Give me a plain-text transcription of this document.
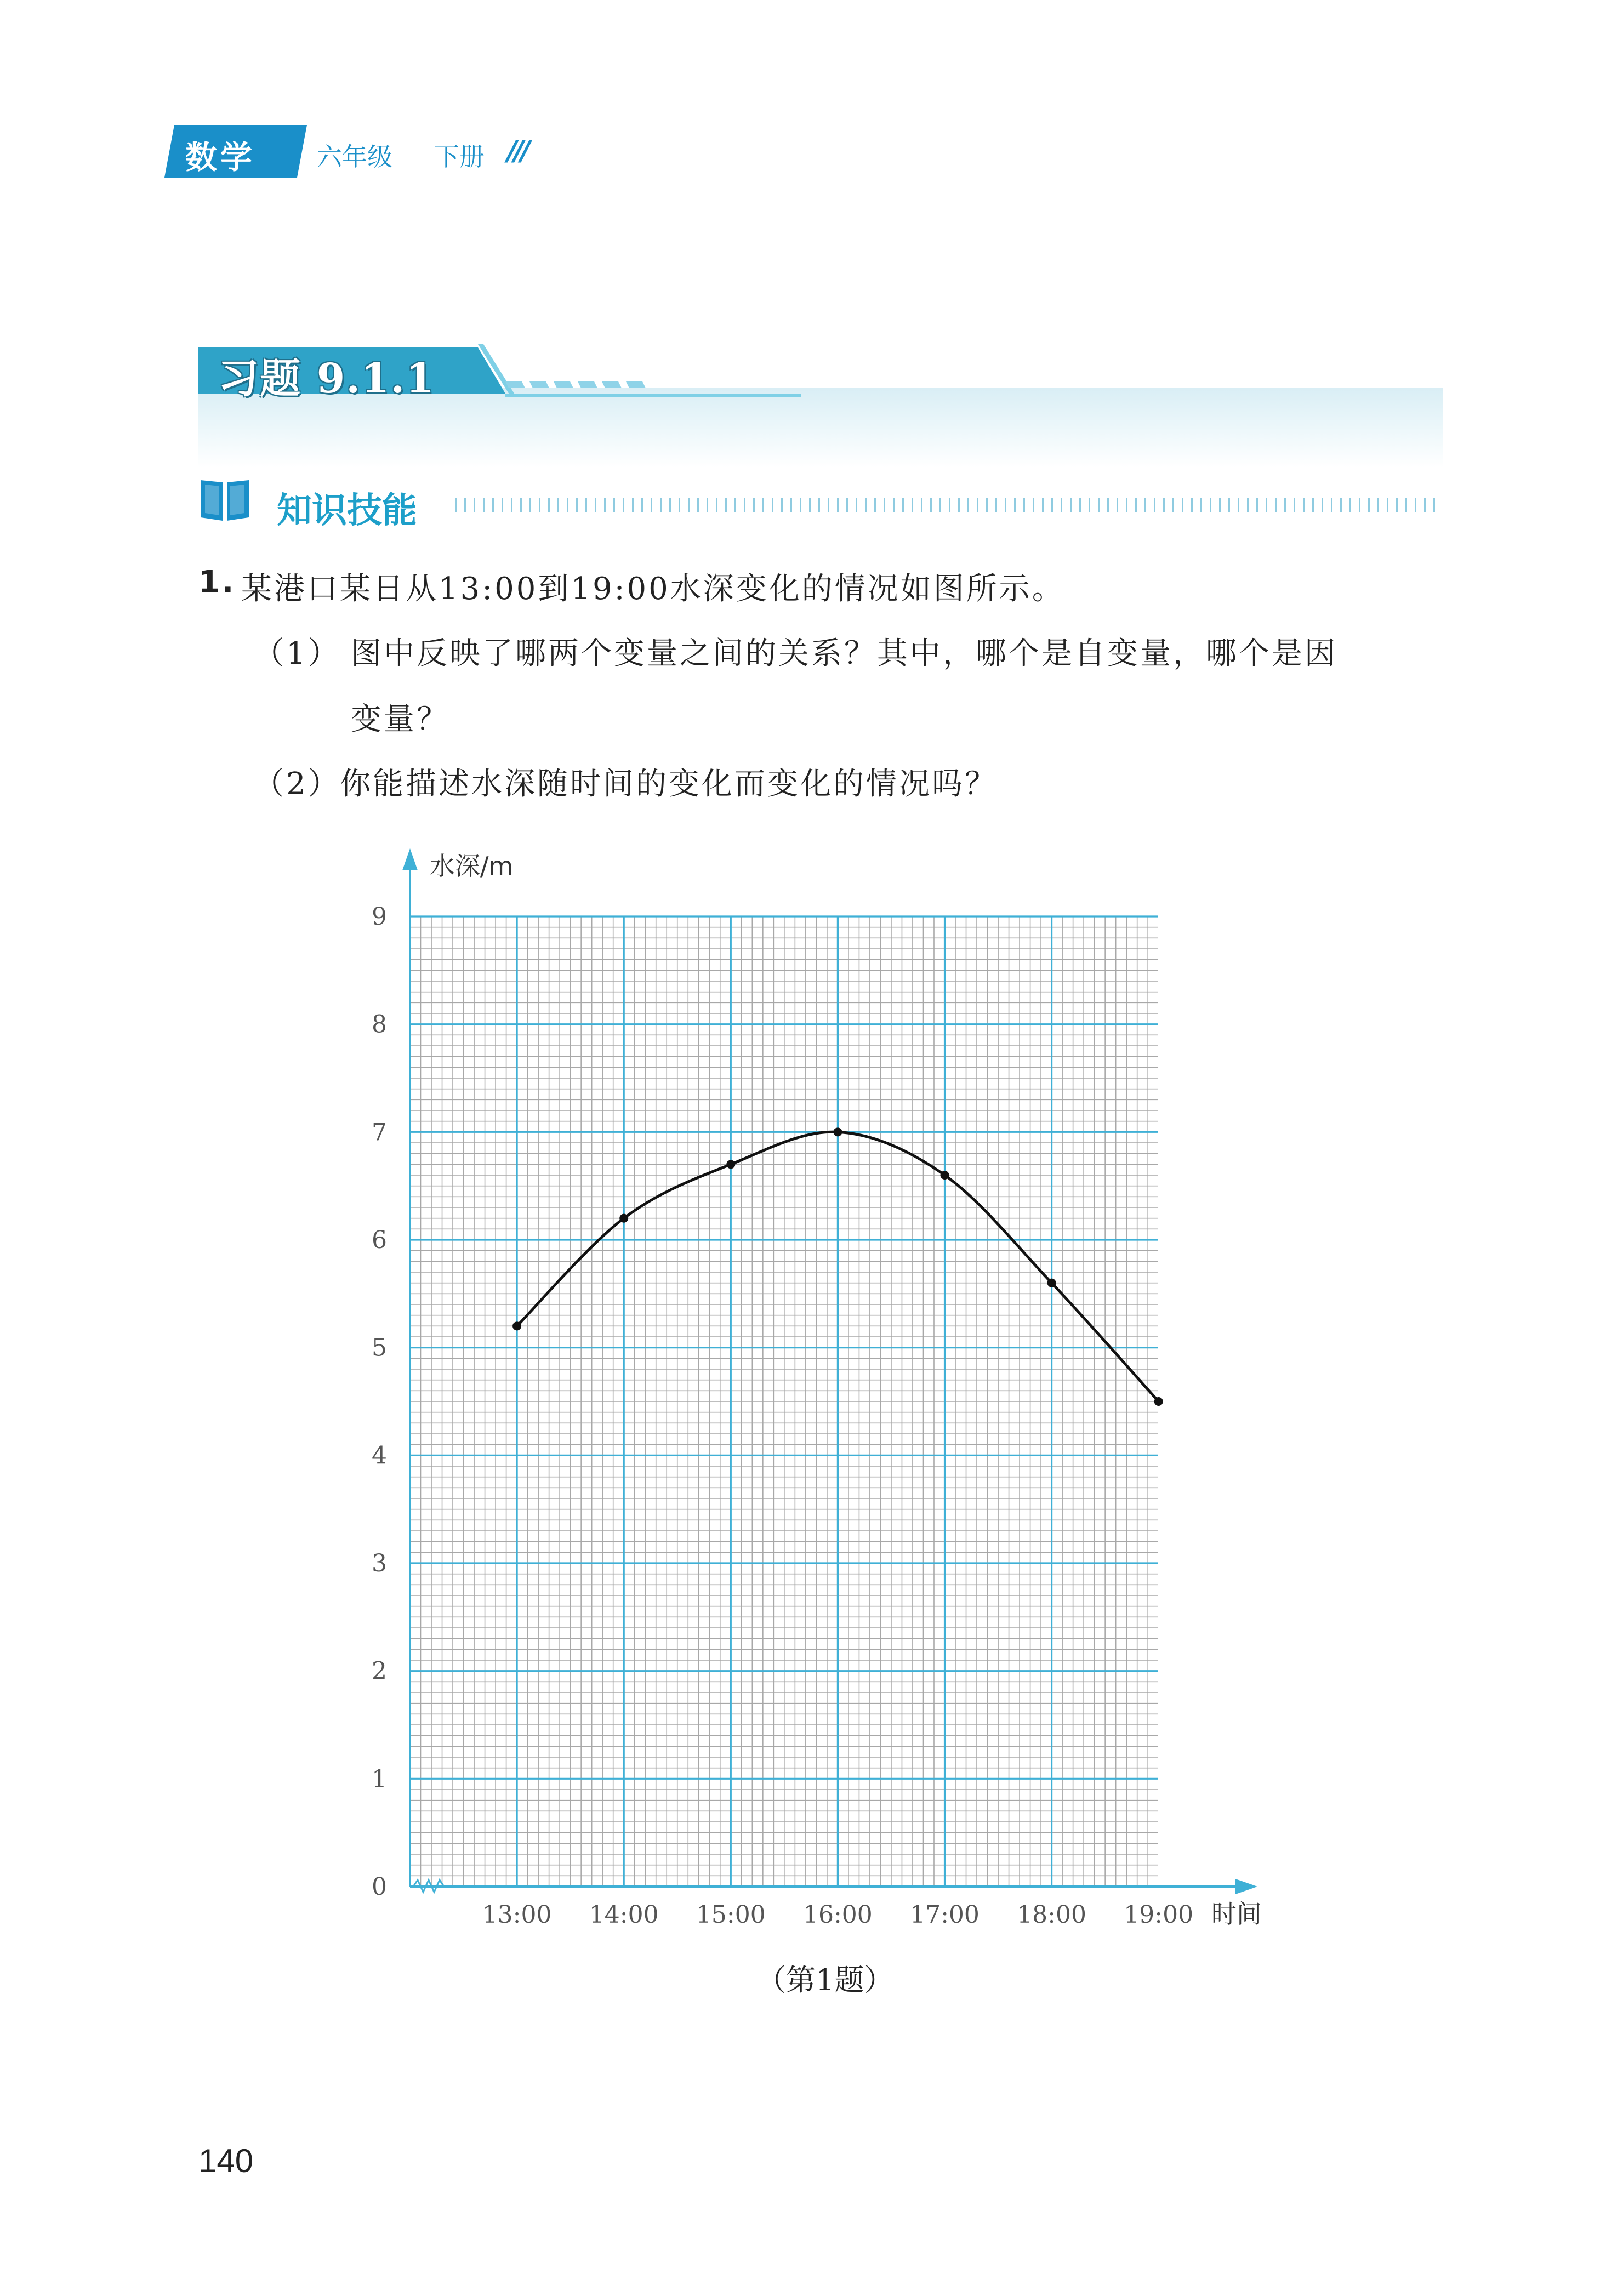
数学 六年级 下册 ///
习题 9.1.1
知识技能
1. 某港口某日从13:00到19:00水深变化的情况如图所示。
（1） 图中反映了哪两个变量之间的关系？其中，哪个是自变量，哪个是因
变量？
（2）
你能描述水深随时间的变化而变化的情况吗？
0
1
2
3
4
5
6
7
8
9
13:00 14:00 15:00 16:00 17:00 18:00 19:00
水深/m
时间
（第1题）
140
